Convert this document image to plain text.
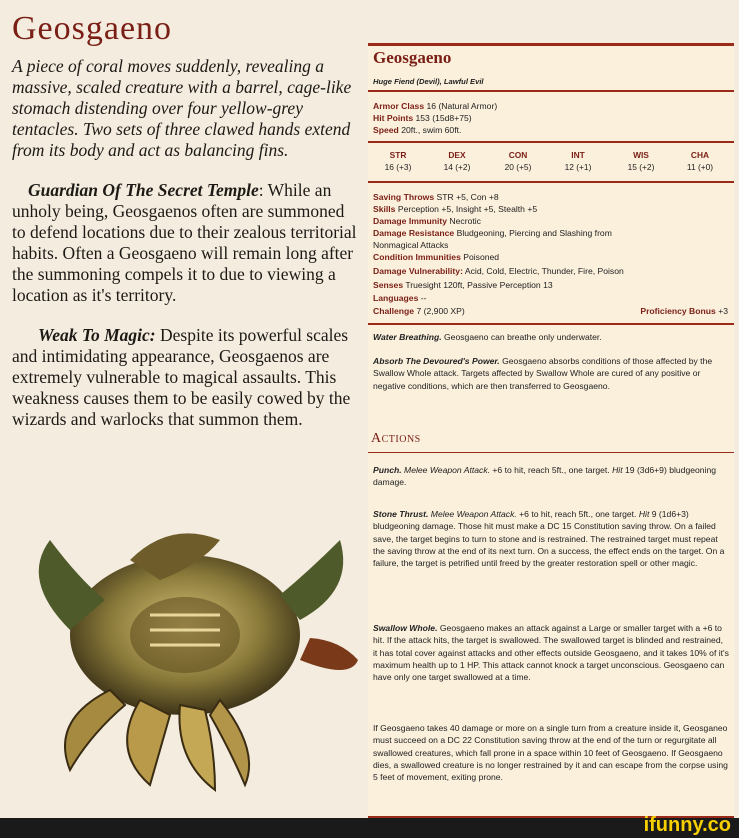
Geosgaeno

A piece of coral moves suddenly, revealing a massive, scaled creature with a barrel, cage-like stomach distending over four yellow-grey tentacles. Two sets of three clawed hands extend from its body and act as balancing fins.

Guardian Of The Secret Temple: While an unholy being, Geosgaenos often are summoned to defend locations due to their zealous territorial habits. Often a Geosgaeno will remain long after the summoning compels it to due to viewing a location as it's territory.

Weak To Magic: Despite its powerful scales and intimidating appearance, Geosgaenos are extremely vulnerable to magical assaults. This weakness causes them to be easily cowed by the wizards and warlocks that summon them.

Geosgaeno
Huge Fiend (Devil), Lawful Evil
Armor Class 16 (Natural Armor)
Hit Points 153 (15d8+75)
Speed 20ft., swim 60ft.
STR
16 (+3)
DEX
14 (+2)
CON
20 (+5)
INT
12 (+1)
WIS
15 (+2)
CHA
11 (+0)
Saving Throws STR +5, Con +8
Skills Perception +5, Insight +5, Stealth +5
Damage Immunity Necrotic
Damage Resistance Bludgeoning, Piercing and Slashing from
Nonmagical Attacks
Condition Immunities Poisoned
Damage Vulnerability: Acid, Cold, Electric, Thunder, Fire, Poison
Senses Truesight 120ft, Passive Perception 13
Languages --
Challenge 7 (2,900 XP)	Proficiency Bonus +3
Water Breathing. Geosgaeno can breathe only underwater.
Absorb The Devoured's Power. Geosgaeno absorbs conditions of those affected by the Swallow Whole attack. Targets affected by Swallow Whole are cured of any positive or negative conditions, which are then transferred to Geosgaeno.
Actions
Punch. Melee Weapon Attack. +6 to hit, reach 5ft., one target. Hit 19 (3d6+9) bludgeoning damage.
Stone Thrust. Melee Weapon Attack. +6 to hit, reach 5ft., one target. Hit 9 (1d6+3) bludgeoning damage. Those hit must make a DC 15 Constitution saving throw. On a failed save, the target begins to turn to stone and is restrained. The restrained target must repeat the saving throw at the end of its next turn. On a success, the effect ends on the target. On a failure, the target is petrified until freed by the greater restoration spell or other magic.
Swallow Whole. Geosgaeno makes an attack against a Large or smaller target with a +6 to hit. If the attack hits, the target is swallowed. The swallowed target is blinded and restrained, it has total cover against attacks and other effects outside Geosgaeno, and it takes 10% of it's maximum health up to 1 HP. This attack cannot knock a target unconscious. Geosgaeno can have only one target swallowed at a time.
If Geosgaeno takes 40 damage or more on a single turn from a creature inside it, Geosganeo must succeed on a DC 22 Constitution saving throw at the end of the turn or regurgitate all swallowed creatures, which fall prone in a space within 10 feet of Geosgaeno. If Geosgaeno dies, a swallowed creature is no longer restrained by it and can escape from the corpse using 5 feet of movement, exiting prone.
ifunny.co
